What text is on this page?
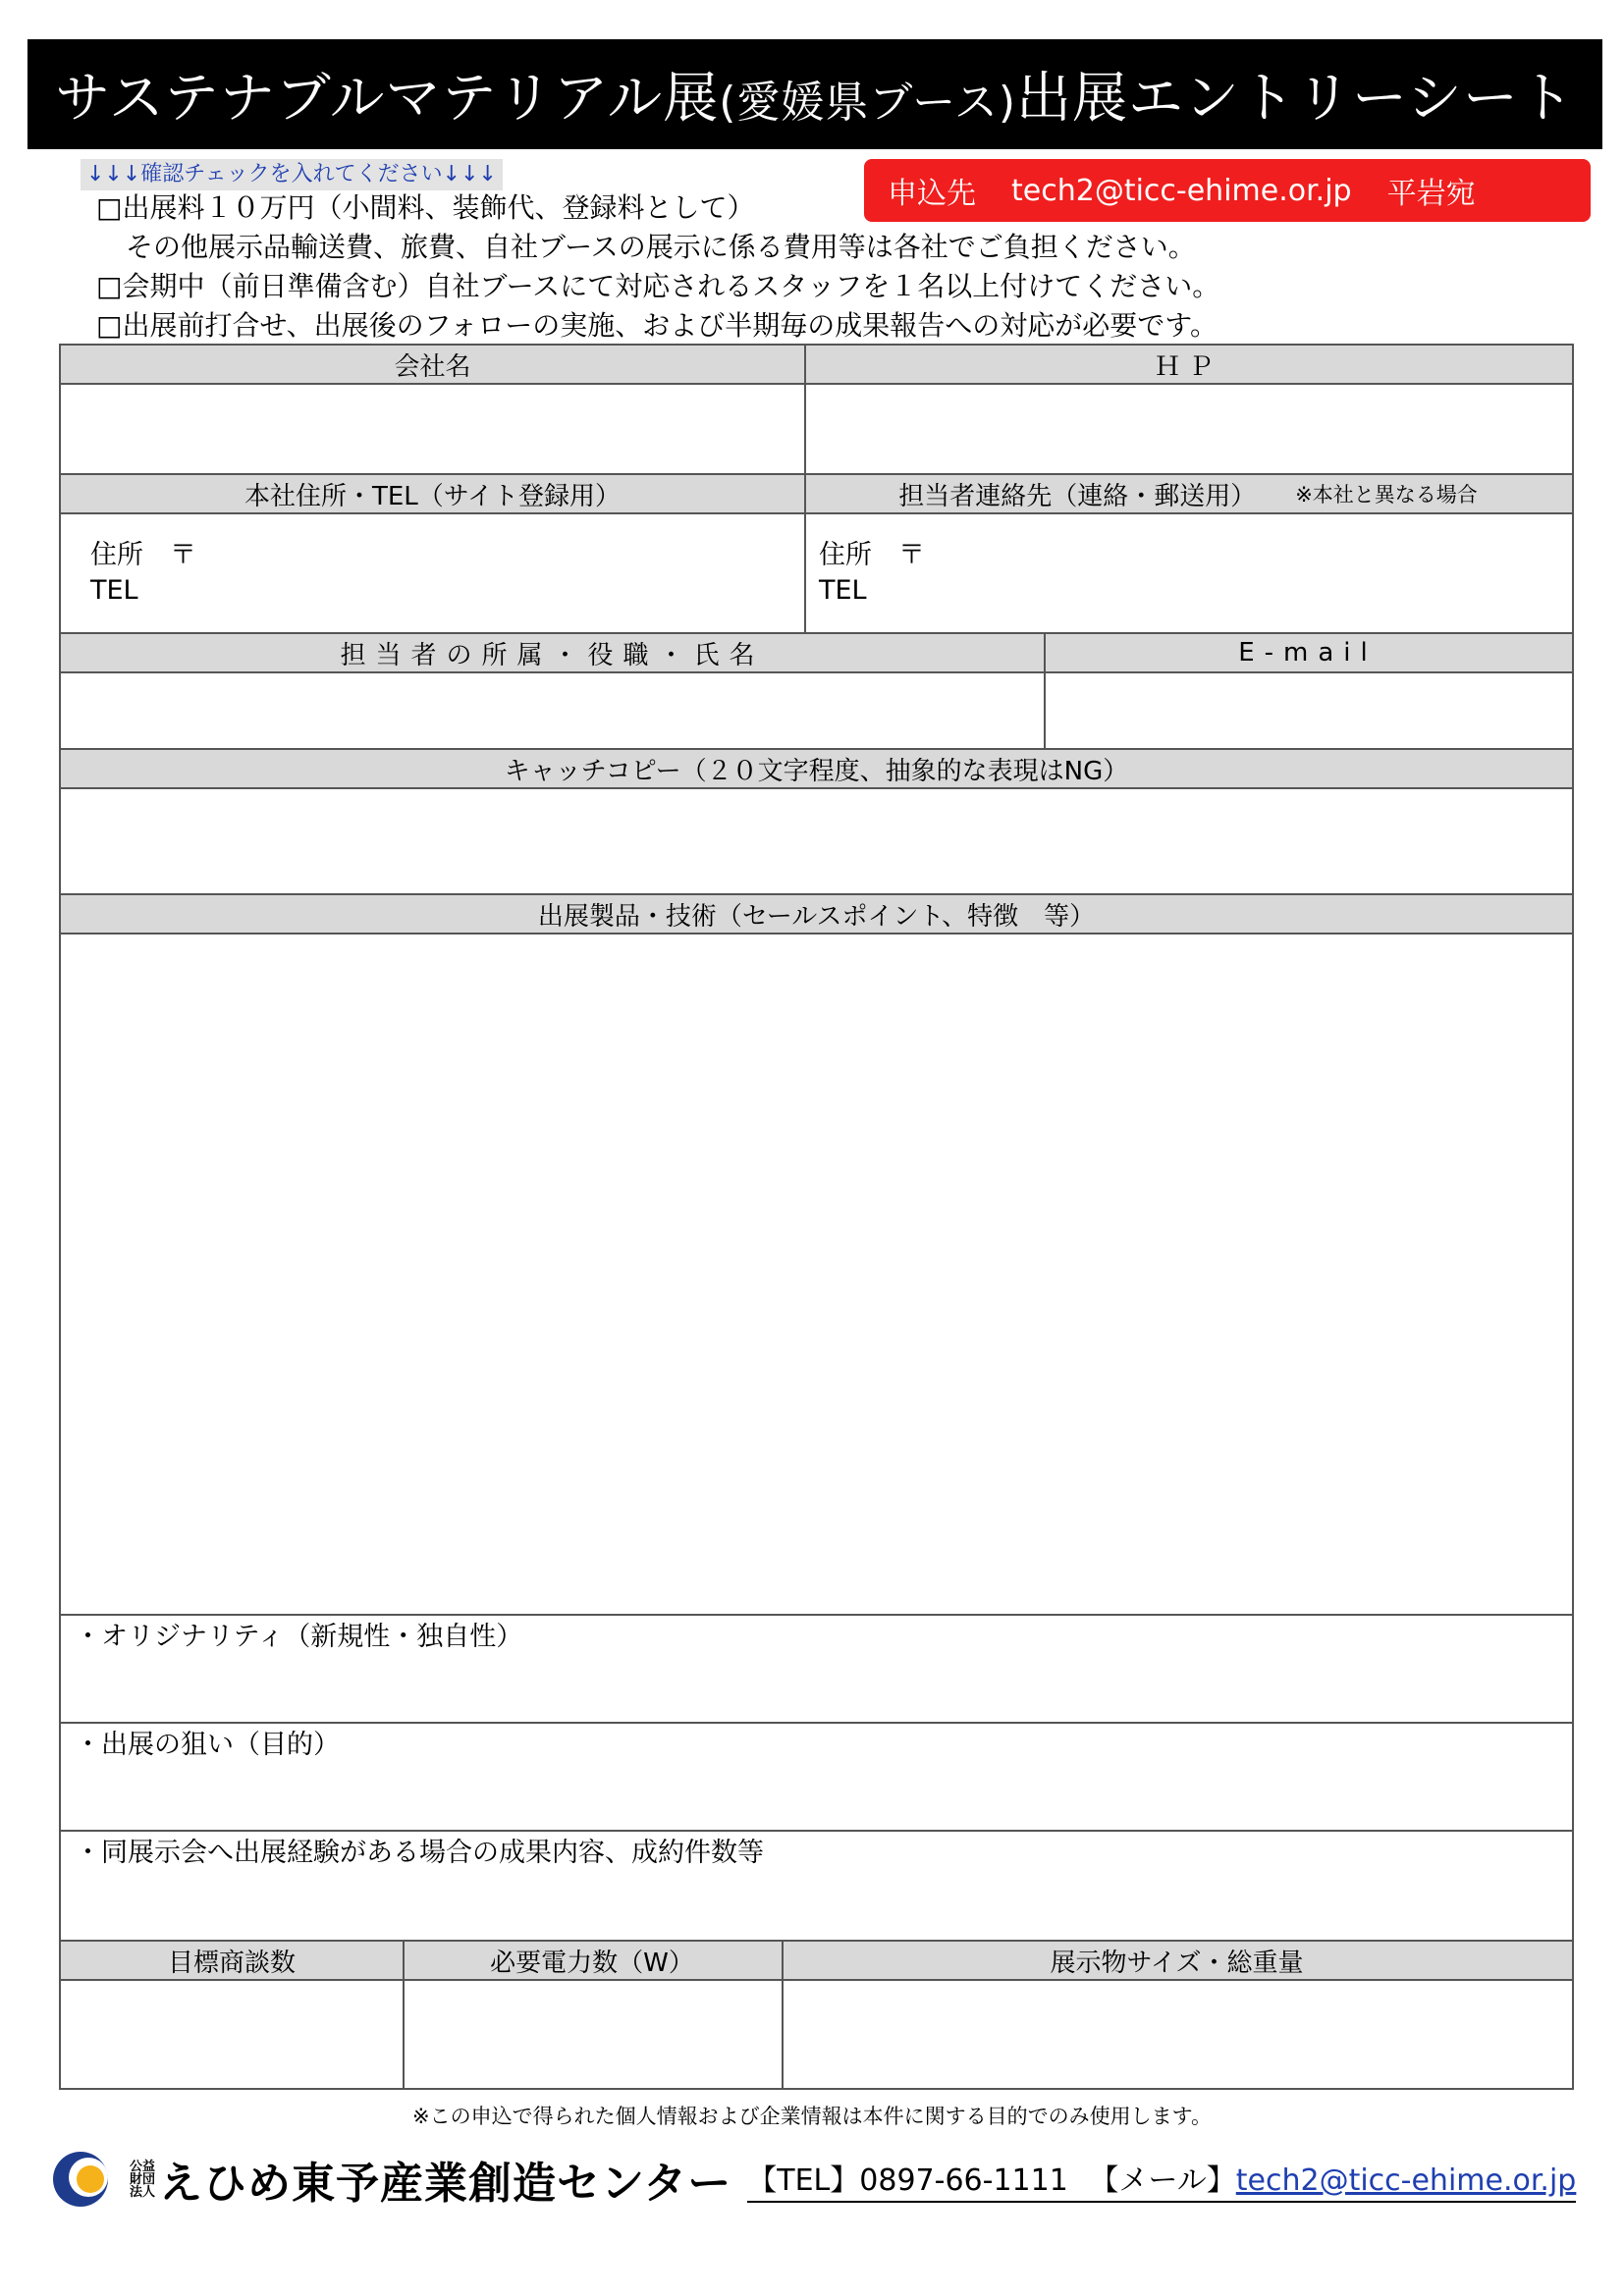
サステナブルマテリアル展(愛媛県ブース)出展エントリーシート
↓↓↓確認チェックを入れてください↓↓↓
申込先 tech2@ticc-ehime.or.jp 平岩宛
□出展料１０万円（小間料、装飾代、登録料として）
その他展示品輸送費、旅費、自社ブースの展示に係る費用等は各社でご負担ください。
□会期中（前日準備含む）自社ブースにて対応されるスタッフを１名以上付けてください。
□出展前打合せ、出展後のフォローの実施、および半期毎の成果報告への対応が必要です。
会社名	ＨＰ
本社住所・TEL（サイト登録用）	担当者連絡先（連絡・郵送用） ※本社と異なる場合
住所　〒
TEL
住所　〒
TEL
担当者の所属・役職・氏名	E-mail
キャッチコピー（２０文字程度、抽象的な表現はNG）
出展製品・技術（セールスポイント、特徴　等）
・オリジナリティ（新規性・独自性）
・出展の狙い（目的）
・同展示会へ出展経験がある場合の成果内容、成約件数等
目標商談数	必要電力数（W）	展示物サイズ・総重量
※この申込で得られた個人情報および企業情報は本件に関する目的でのみ使用します。
公益
財団
法人 えひめ東予産業創造センター 【TEL】0897-66-1111 【メール】tech2@ticc-ehime.or.jp
